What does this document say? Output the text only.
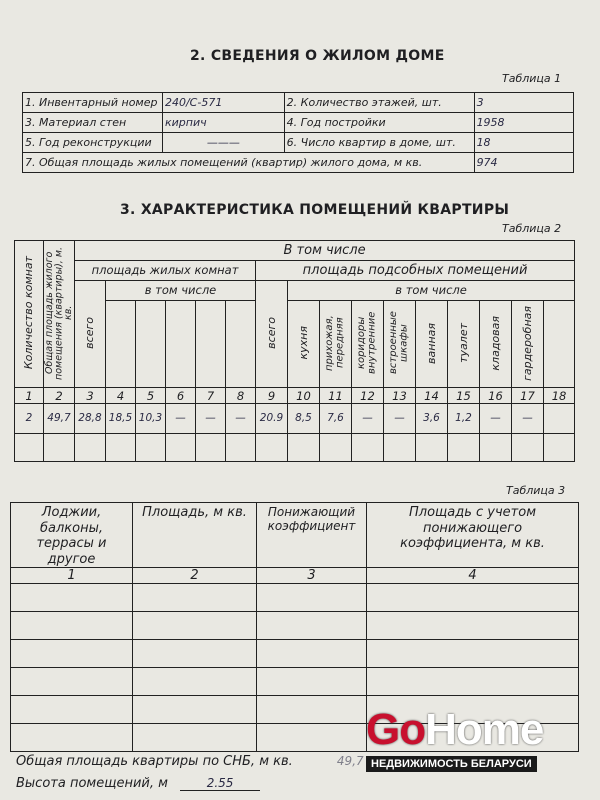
2. СВЕДЕНИЯ О ЖИЛОМ ДОМЕ
Таблица 1
1. Инвентарный номер	240/С-571	2. Количество этажей, шт.	3
3. Материал стен	кирпич	4. Год постройки	1958
5. Год реконструкции	———	6. Число квартир в доме, шт.	18
7. Общая площадь жилых помещений (квартир) жилого дома, м кв.			974
3. ХАРАКТЕРИСТИКА ПОМЕЩЕНИЙ КВАРТИРЫ
Таблица 2
Количество комнат	Общая площадь жилого помещения (квартиры), м. кв.	В том числе															
		площадь жилых комнат						площадь подсобных помещений									
		всего	в том числе					всего	в том числе								
									кухня	прихожая, передняя	коридоры внутренние	встроенные шкафы	ванная	туалет	кладовая	гардеробная	
1	2	3	4	5	6	7	8	9	10	11	12	13	14	15	16	17	18
2	49,7	28,8	18,5	10,3	—	—	—	20.9	8,5	7,6	—	—	3,6	1,2	—	—	

Таблица 3
Лоджии, балконы, террасы и другое	Площадь, м кв.	Понижающий коэффициент	Площадь с учетом понижающего коэффициента, м кв.
1	2	3	4

Общая площадь квартиры по СНБ, м кв.	49,7
Высота помещений, м	2.55
GoHome
НЕДВИЖИМОСТЬ БЕЛАРУСИ
